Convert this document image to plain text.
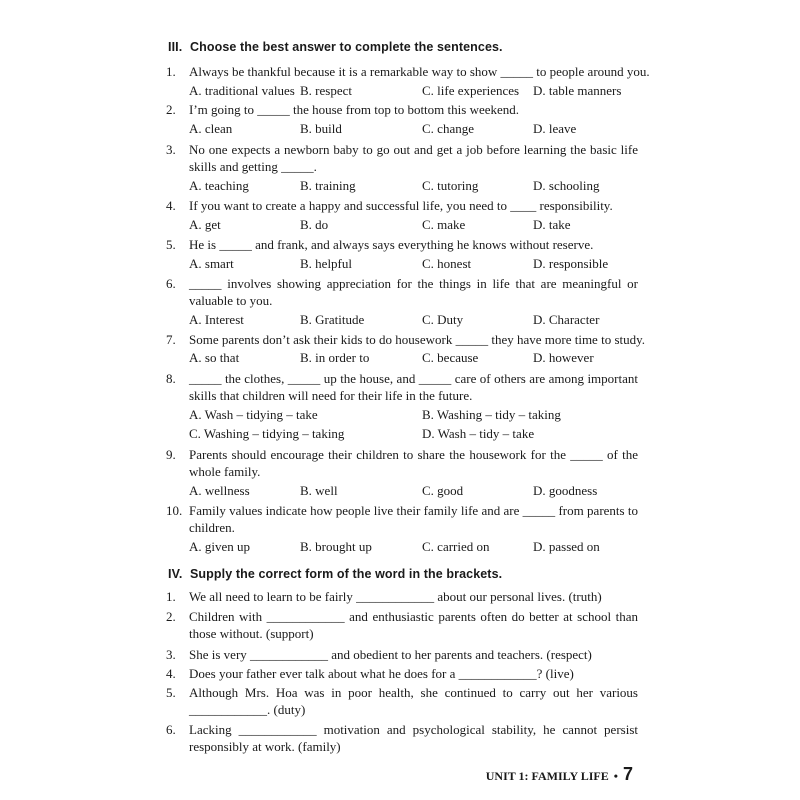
III. Choose the best answer to complete the sentences.
1.	Always be thankful because it is a remarkable way to show _____ to people around you.
A. traditional values B. respect	C. life experiences D. table manners
2.	I’m going to _____ the house from top to bottom this weekend.
A. clean	B. build	C. change	D. leave
3.	No one expects a newborn baby to go out and get a job before learning the basic life skills and getting _____.
A. teaching	B. training	C. tutoring	D. schooling
4.	If you want to create a happy and successful life, you need to ____ responsibility.
A. get	B. do	C. make	D. take
5.	He is _____ and frank, and always says everything he knows without reserve.
A. smart	B. helpful	C. honest	D. responsible
6.	_____ involves showing appreciation for the things in life that are meaningful or valuable to you.
A. Interest	B. Gratitude	C. Duty	D. Character
7.	Some parents don’t ask their kids to do housework _____ they have more time to study.
A. so that	B. in order to	C. because	D. however
8.	_____ the clothes, _____ up the house, and _____ care of others are among important skills that children will need for their life in the future.
A. Wash – tidying – take	B. Washing – tidy – taking
C. Washing – tidying – taking	D. Wash – tidy – take
9.	Parents should encourage their children to share the housework for the _____ of the whole family.
A. wellness	B. well	C. good	D. goodness
10. Family values indicate how people live their family life and are _____ from parents to children.
A. given up	B. brought up	C. carried on	D. passed on
IV. Supply the correct form of the word in the brackets.
1.	We all need to learn to be fairly ____________ about our personal lives. (truth)
2.	Children with ____________ and enthusiastic parents often do better at school than those without. (support)
3.	She is very ____________ and obedient to her parents and teachers. (respect)
4.	Does your father ever talk about what he does for a ____________? (live)
5.	Although Mrs. Hoa was in poor health, she continued to carry out her various ____________. (duty)
6.	Lacking ____________ motivation and psychological stability, he cannot persist responsibly at work. (family)
UNIT 1: FAMILY LIFE • 7
